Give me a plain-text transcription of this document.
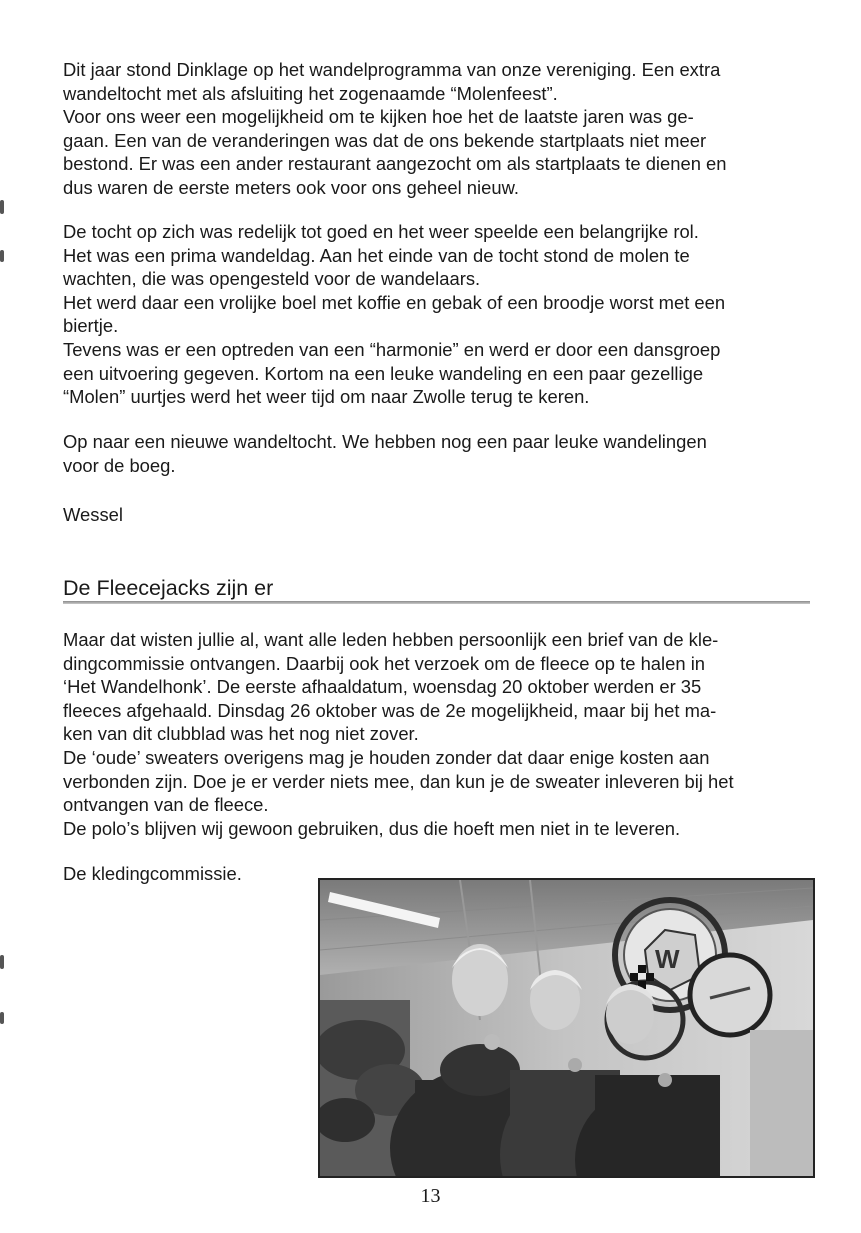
Dit jaar stond Dinklage op het wandelprogramma van onze vereniging. Een extra
wandeltocht met als afsluiting het zogenaamde “Molenfeest”.
Voor ons weer een mogelijkheid om te kijken hoe het de laatste jaren was ge-
gaan. Een van de veranderingen was dat de ons bekende startplaats niet meer
bestond. Er was een ander restaurant aangezocht om als startplaats te dienen en
dus waren de eerste meters ook voor ons geheel nieuw.

De tocht op zich was redelijk tot goed en het weer speelde een belangrijke rol.
Het was een prima wandeldag. Aan het einde van de tocht stond de molen te
wachten, die was opengesteld voor de wandelaars.
Het werd daar een vrolijke boel met koffie en gebak of een broodje worst met een
biertje.
Tevens was er een optreden van een “harmonie” en werd er door een dansgroep
een uitvoering gegeven. Kortom na een leuke wandeling en een paar gezellige
“Molen” uurtjes werd het weer tijd om naar Zwolle terug te keren.

Op naar een nieuwe wandeltocht. We hebben nog een paar leuke wandelingen
voor de boeg.

Wessel

De Fleecejacks zijn er

Maar dat wisten jullie al, want alle leden hebben persoonlijk een brief van de kle-
dingcommissie ontvangen. Daarbij ook het verzoek om de fleece op te halen in
‘Het Wandelhonk’. De eerste afhaaldatum, woensdag 20 oktober werden er 35
fleeces afgehaald. Dinsdag 26 oktober was de 2e mogelijkheid, maar bij het ma-
ken van dit clubblad was het nog niet zover.
De ‘oude’ sweaters overigens mag je houden zonder dat daar enige kosten aan
verbonden zijn. Doe je er verder niets mee, dan kun je de sweater inleveren bij het
ontvangen van de fleece.
De polo’s blijven wij gewoon gebruiken, dus die hoeft men niet in te leveren.

De kledingcommissie.

W
13
